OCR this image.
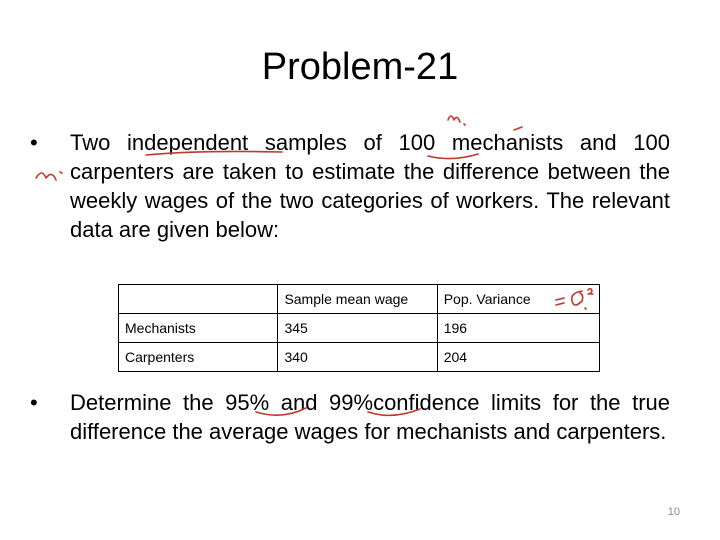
Problem-21
• Two independent samples of 100 mechanists and 100 carpenters are taken to estimate the difference between the weekly wages of the two categories of workers. The relevant data are given below:
	Sample mean wage	Pop. Variance
Mechanists	345	196
Carpenters	340	204
• Determine the 95% and 99%confidence limits for the true difference the average wages for mechanists and carpenters.
10
